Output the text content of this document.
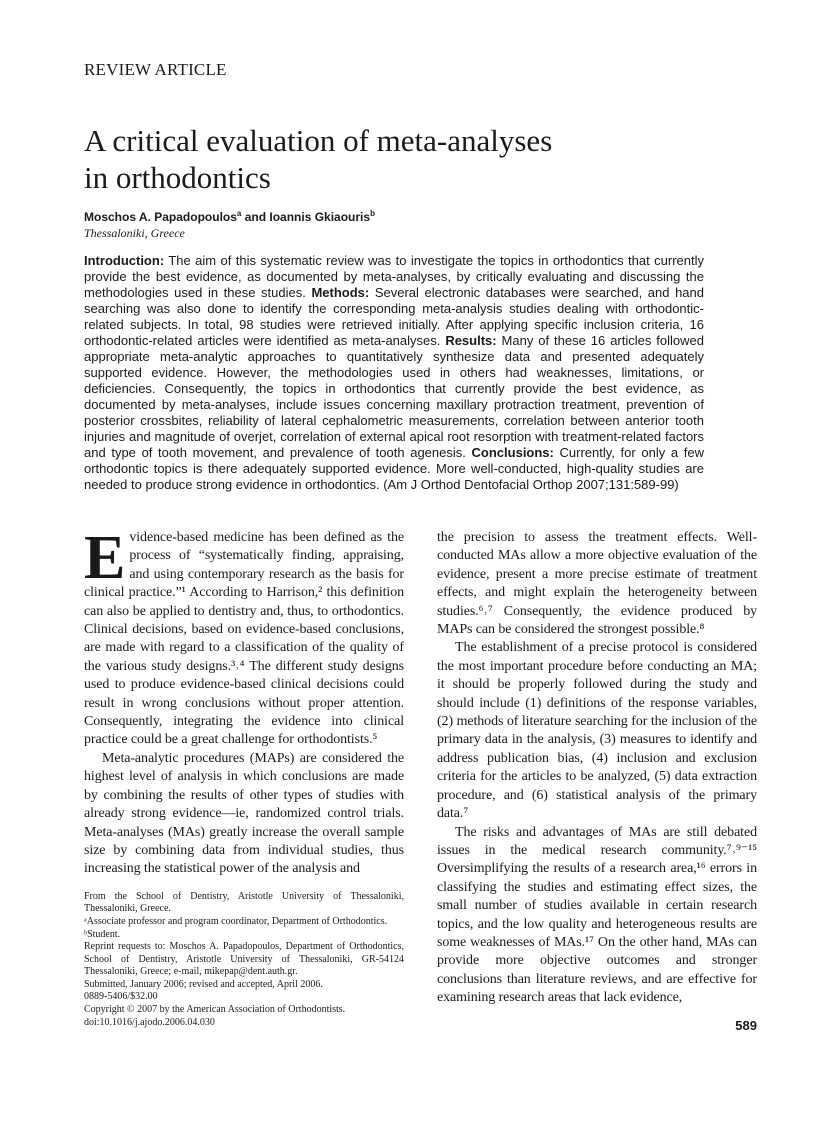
REVIEW ARTICLE
A critical evaluation of meta-analyses
in orthodontics
Moschos A. Papadopoulos$^a$ and Ioannis Gkiaouris$^b$
Thessaloniki, Greece

Introduction: The aim of this systematic review was to investigate the topics in orthodontics that currently provide the best evidence, as documented by meta-analyses, by critically evaluating and discussing the methodologies used in these studies. Methods: Several electronic databases were searched, and hand searching was also done to identify the corresponding meta-analysis studies dealing with orthodontic-related subjects. In total, 98 studies were retrieved initially. After applying specific inclusion criteria, 16 orthodontic-related articles were identified as meta-analyses. Results: Many of these 16 articles followed appropriate meta-analytic approaches to quantitatively synthesize data and presented adequately supported evidence. However, the methodologies used in others had weaknesses, limitations, or deficiencies. Consequently, the topics in orthodontics that currently provide the best evidence, as documented by meta-analyses, include issues concerning maxillary protraction treatment, prevention of posterior crossbites, reliability of lateral cephalometric measurements, correlation between anterior tooth injuries and magnitude of overjet, correlation of external apical root resorption with treatment-related factors and type of tooth movement, and prevalence of tooth agenesis. Conclusions: Currently, for only a few orthodontic topics is there adequately supported evidence. More well-conducted, high-quality studies are needed to produce strong evidence in orthodontics. (Am J Orthod Dentofacial Orthop 2007;131:589-99)

Evidence-based medicine has been defined as the process of “systematically finding, appraising, and using contemporary research as the basis for clinical practice.”¹ According to Harrison,² this definition can also be applied to dentistry and, thus, to orthodontics. Clinical decisions, based on evidence-based conclusions, are made with regard to a classification of the quality of the various study designs.³˒⁴ The different study designs used to produce evidence-based clinical decisions could result in wrong conclusions without proper attention. Consequently, integrating the evidence into clinical practice could be a great challenge for orthodontists.⁵

Meta-analytic procedures (MAPs) are considered the highest level of analysis in which conclusions are made by combining the results of other types of studies with already strong evidence—ie, randomized control trials. Meta-analyses (MAs) greatly increase the overall sample size by combining data from individual studies, thus increasing the statistical power of the analysis and

From the School of Dentistry, Aristotle University of Thessaloniki, Thessaloniki, Greece.
ᵃAssociate professor and program coordinator, Department of Orthodontics.
ᵇStudent.
Reprint requests to: Moschos A. Papadopoulos, Department of Orthodontics, School of Dentistry, Aristotle University of Thessaloniki, GR-54124 Thessaloniki, Greece; e-mail, mikepap@dent.auth.gr.
Submitted, January 2006; revised and accepted, April 2006.
0889-5406/$32.00
Copyright © 2007 by the American Association of Orthodontists.
doi:10.1016/j.ajodo.2006.04.030

the precision to assess the treatment effects. Well-conducted MAs allow a more objective evaluation of the evidence, present a more precise estimate of treatment effects, and might explain the heterogeneity between studies.⁶˒⁷ Consequently, the evidence produced by MAPs can be considered the strongest possible.⁸

The establishment of a precise protocol is considered the most important procedure before conducting an MA; it should be properly followed during the study and should include (1) definitions of the response variables, (2) methods of literature searching for the inclusion of the primary data in the analysis, (3) measures to identify and address publication bias, (4) inclusion and exclusion criteria for the articles to be analyzed, (5) data extraction procedure, and (6) statistical analysis of the primary data.⁷

The risks and advantages of MAs are still debated issues in the medical research community.⁷˒⁹⁻¹⁵ Oversimplifying the results of a research area,¹⁶ errors in classifying the studies and estimating effect sizes, the small number of studies available in certain research topics, and the low quality and heterogeneous results are some weaknesses of MAs.¹⁷ On the other hand, MAs can provide more objective outcomes and stronger conclusions than literature reviews, and are effective for examining research areas that lack evidence,

589
